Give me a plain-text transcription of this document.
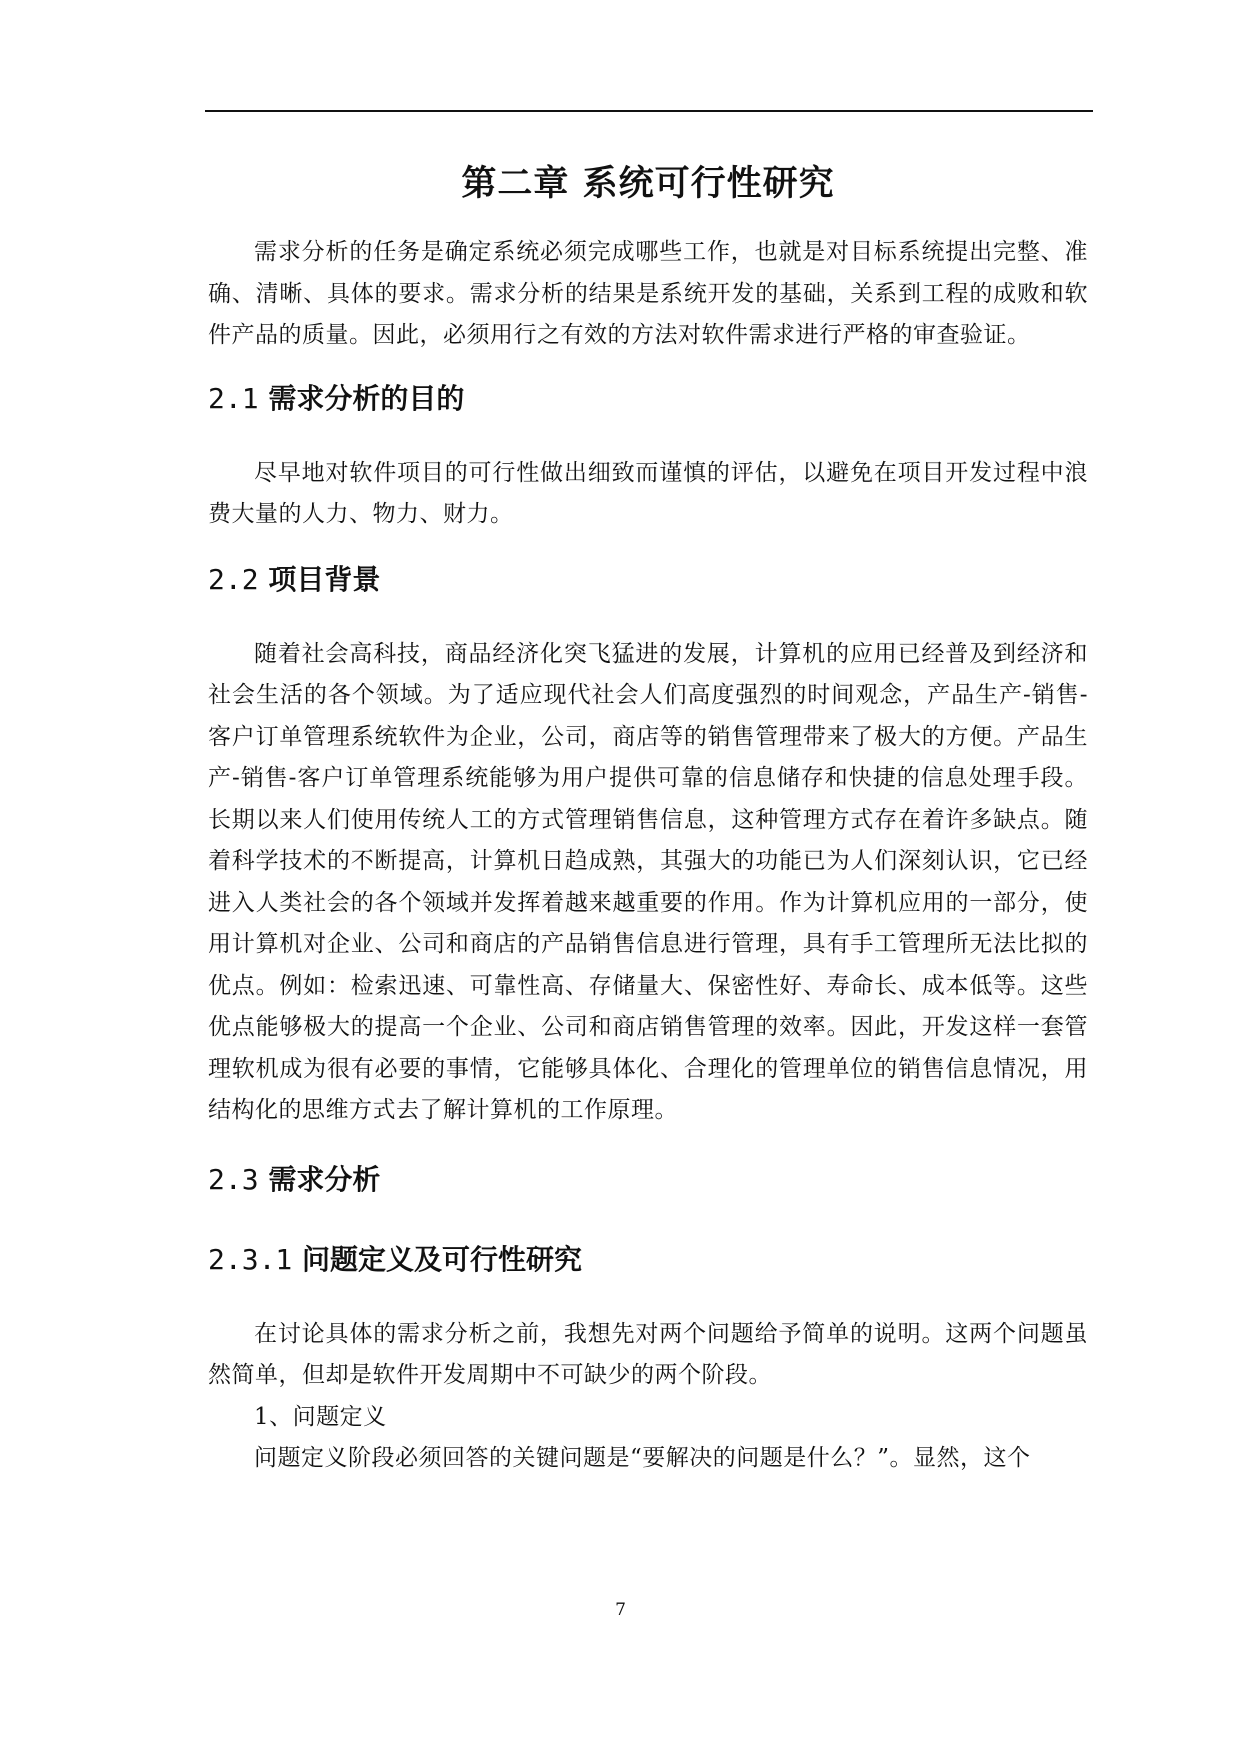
第二章 系统可行性研究

需求分析的任务是确定系统必须完成哪些工作，也就是对目标系统提出完整、准确、清晰、具体的要求。需求分析的结果是系统开发的基础，关系到工程的成败和软件产品的质量。因此，必须用行之有效的方法对软件需求进行严格的审查验证。

2.1 需求分析的目的

尽早地对软件项目的可行性做出细致而谨慎的评估，以避免在项目开发过程中浪费大量的人力、物力、财力。

2.2 项目背景

随着社会高科技，商品经济化突飞猛进的发展，计算机的应用已经普及到经济和社会生活的各个领域。为了适应现代社会人们高度强烈的时间观念，产品生产-销售-客户订单管理系统软件为企业，公司，商店等的销售管理带来了极大的方便。产品生产-销售-客户订单管理系统能够为用户提供可靠的信息储存和快捷的信息处理手段。长期以来人们使用传统人工的方式管理销售信息，这种管理方式存在着许多缺点。随着科学技术的不断提高，计算机日趋成熟，其强大的功能已为人们深刻认识，它已经进入人类社会的各个领域并发挥着越来越重要的作用。作为计算机应用的一部分，使用计算机对企业、公司和商店的产品销售信息进行管理，具有手工管理所无法比拟的优点。例如：检索迅速、可靠性高、存储量大、保密性好、寿命长、成本低等。这些优点能够极大的提高一个企业、公司和商店销售管理的效率。因此，开发这样一套管理软机成为很有必要的事情，它能够具体化、合理化的管理单位的销售信息情况，用结构化的思维方式去了解计算机的工作原理。

2.3 需求分析
2.3.1 问题定义及可行性研究

在讨论具体的需求分析之前，我想先对两个问题给予简单的说明。这两个问题虽然简单，但却是软件开发周期中不可缺少的两个阶段。

1、问题定义

问题定义阶段必须回答的关键问题是“要解决的问题是什么？”。显然，这个

7
